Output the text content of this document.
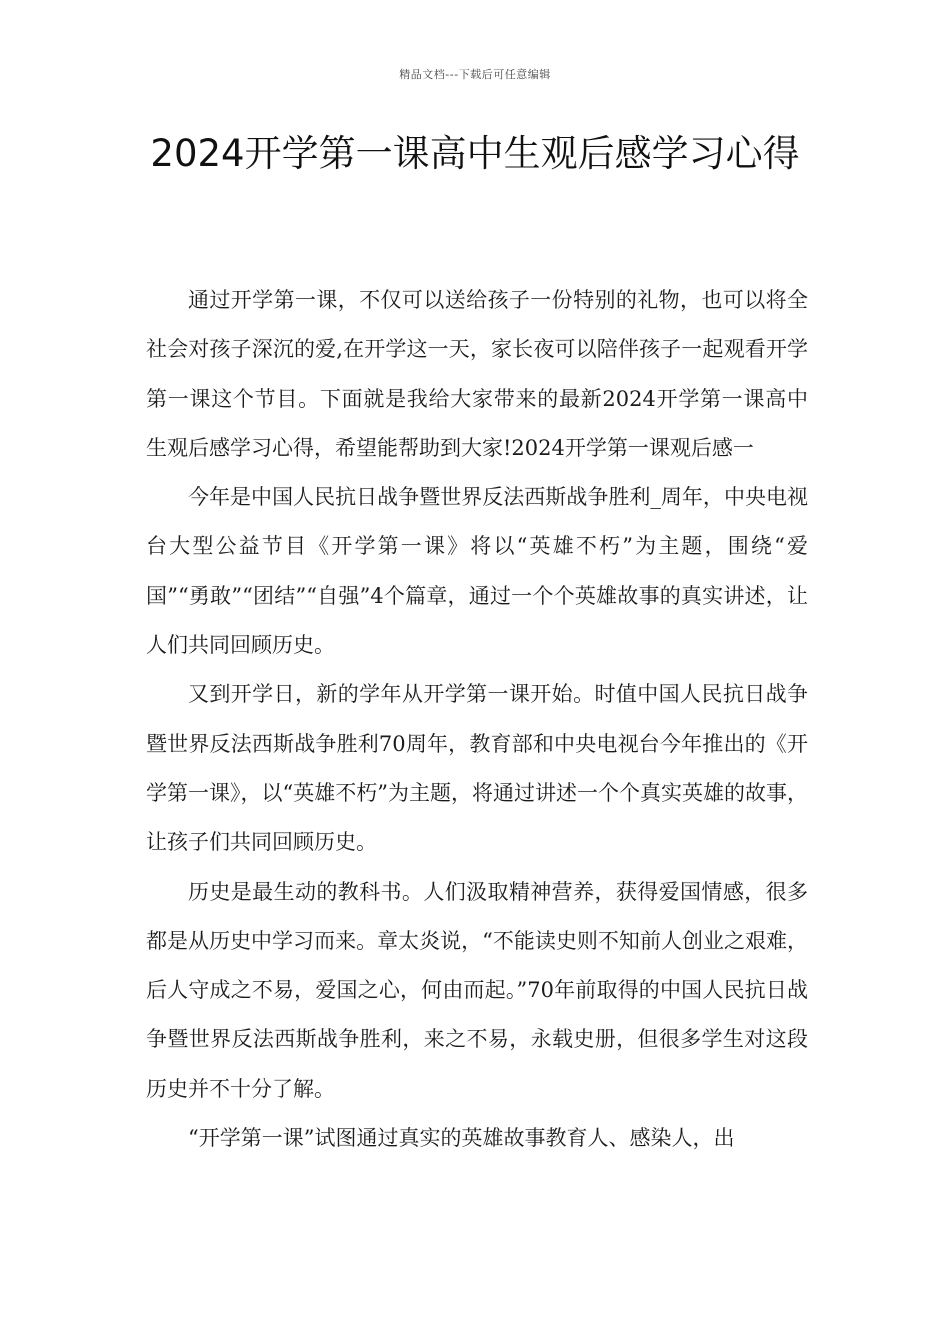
精品文档---下载后可任意编辑
2024开学第一课高中生观后感学习心得

通过开学第一课，不仅可以送给孩子一份特别的礼物，也可以将全社会对孩子深沉的爱,在开学这一天，家长夜可以陪伴孩子一起观看开学第一课这个节目。下面就是我给大家带来的最新2024开学第一课高中生观后感学习心得，希望能帮助到大家!2024开学第一课观后感一

今年是中国人民抗日战争暨世界反法西斯战争胜利_周年，中央电视台大型公益节目《开学第一课》将以“英雄不朽”为主题，围绕“爱国”“勇敢”“团结”“自强”4个篇章，通过一个个英雄故事的真实讲述，让人们共同回顾历史。

又到开学日，新的学年从开学第一课开始。时值中国人民抗日战争暨世界反法西斯战争胜利70周年，教育部和中央电视台今年推出的《开学第一课》，以“英雄不朽”为主题，将通过讲述一个个真实英雄的故事，让孩子们共同回顾历史。

历史是最生动的教科书。人们汲取精神营养，获得爱国情感，很多都是从历史中学习而来。章太炎说，“不能读史则不知前人创业之艰难，后人守成之不易，爱国之心，何由而起。”70年前取得的中国人民抗日战争暨世界反法西斯战争胜利，来之不易，永载史册，但很多学生对这段历史并不十分了解。

“开学第一课”试图通过真实的英雄故事教育人、感染人，出
